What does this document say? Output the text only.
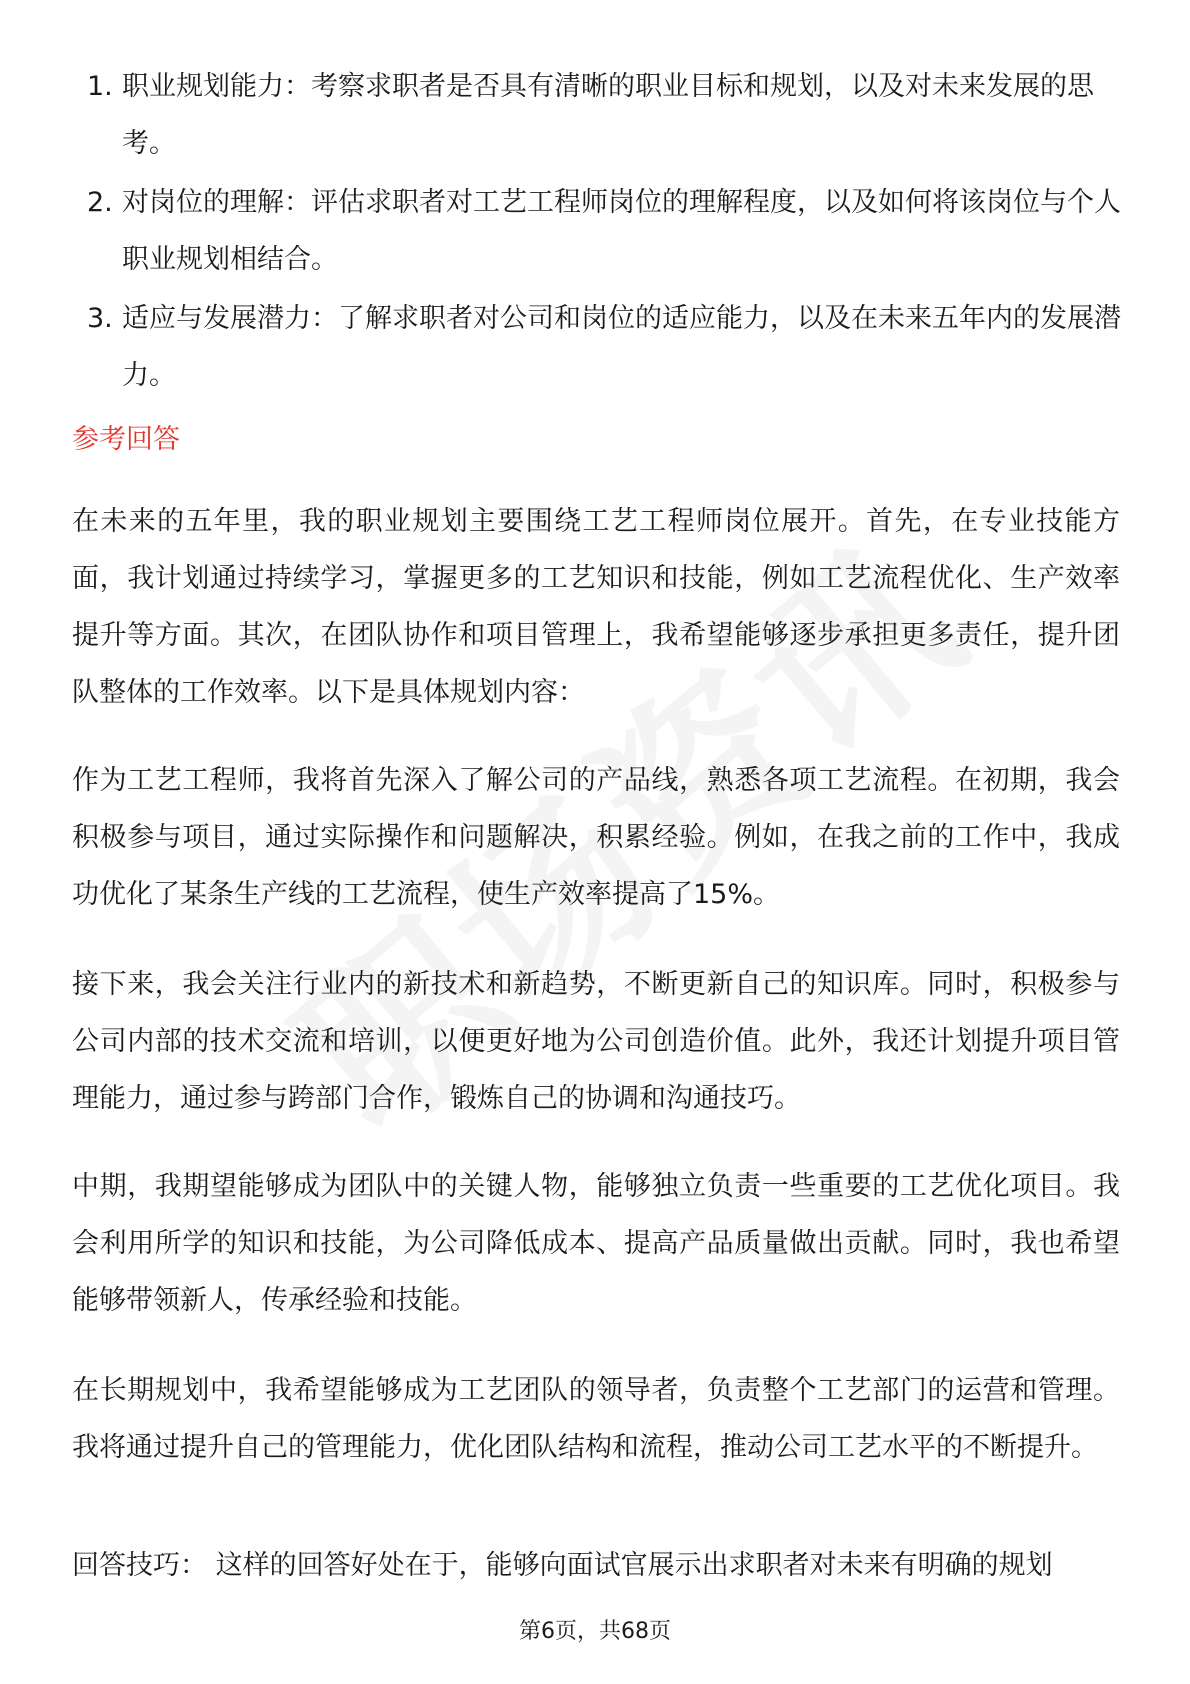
1. 职业规划能力：考察求职者是否具有清晰的职业目标和规划，以及对未来发展的思考。
2. 对岗位的理解：评估求职者对工艺工程师岗位的理解程度，以及如何将该岗位与个人职业规划相结合。
3. 适应与发展潜力：了解求职者对公司和岗位的适应能力，以及在未来五年内的发展潜力。
参考回答

在未来的五年里，我的职业规划主要围绕工艺工程师岗位展开。首先，在专业技能方面，我计划通过持续学习，掌握更多的工艺知识和技能，例如工艺流程优化、生产效率提升等方面。其次，在团队协作和项目管理上，我希望能够逐步承担更多责任，提升团队整体的工作效率。以下是具体规划内容：

作为工艺工程师，我将首先深入了解公司的产品线，熟悉各项工艺流程。在初期，我会积极参与项目，通过实际操作和问题解决，积累经验。例如，在我之前的工作中，我成功优化了某条生产线的工艺流程，使生产效率提高了15%。

接下来，我会关注行业内的新技术和新趋势，不断更新自己的知识库。同时，积极参与公司内部的技术交流和培训，以便更好地为公司创造价值。此外，我还计划提升项目管理能力，通过参与跨部门合作，锻炼自己的协调和沟通技巧。

中期，我期望能够成为团队中的关键人物，能够独立负责一些重要的工艺优化项目。我会利用所学的知识和技能，为公司降低成本、提高产品质量做出贡献。同时，我也希望能够带领新人，传承经验和技能。

在长期规划中，我希望能够成为工艺团队的领导者，负责整个工艺部门的运营和管理。我将通过提升自己的管理能力，优化团队结构和流程，推动公司工艺水平的不断提升。

回答技巧： 这样的回答好处在于，能够向面试官展示出求职者对未来有明确的规划

第6页，共68页
